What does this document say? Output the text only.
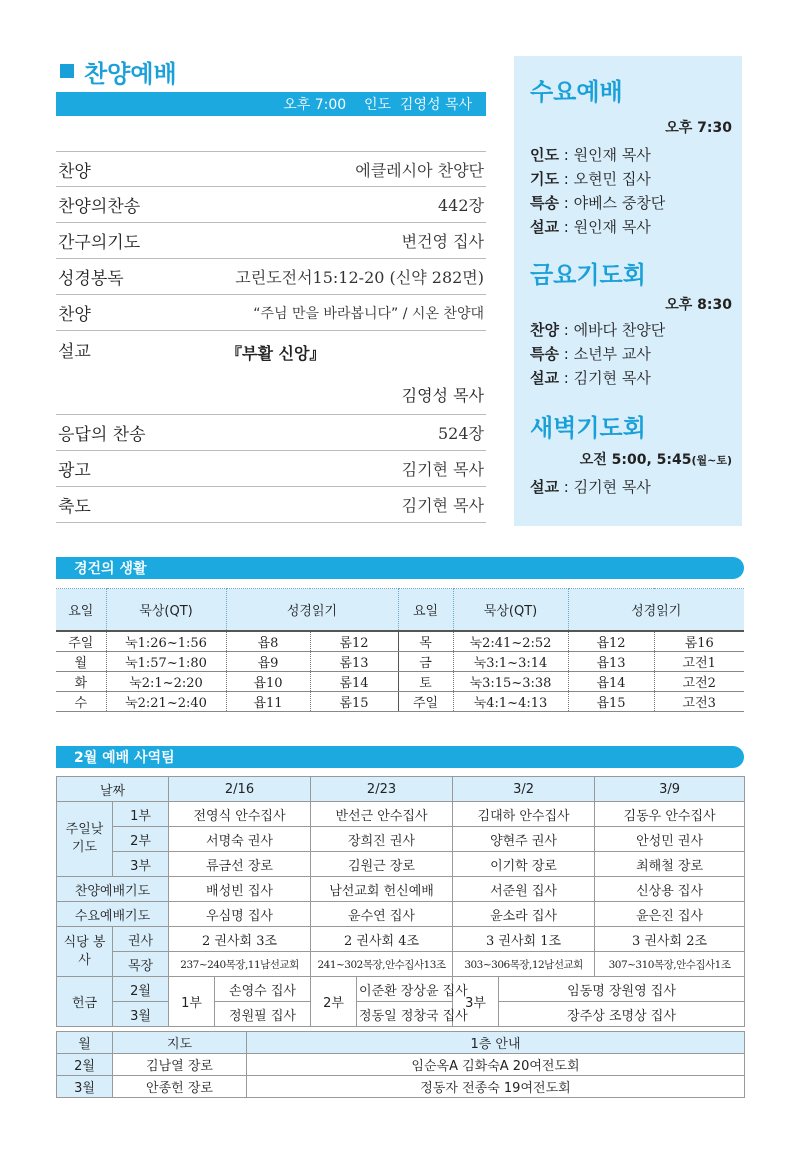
찬양예배
오후 7:00    인도  김영성 목사
찬양	에클레시아 찬양단
찬양의찬송	442장
간구의기도	변건영 집사
성경봉독	고린도전서15:12-20 (신약 282면)
찬양	“주님 만을 바라봅니다” / 시온 찬양대
설교	『부활 신앙』
김영성 목사
응답의 찬송	524장
광고	김기현 목사
축도	김기현 목사
수요예배
오후 7:30
인도 : 원인재 목사
기도 : 오현민 집사
특송 : 야베스 중창단
설교 : 원인재 목사
금요기도회
오후 8:30
찬양 : 에바다 찬양단
특송 : 소년부 교사
설교 : 김기현 목사
새벽기도회
오전 5:00, 5:45(월~토)
설교 : 김기현 목사
경건의 생활
요일	묵상(QT)	성경읽기		요일	묵상(QT)	성경읽기	
주일	눅1:26~1:56	욥8	롬12	목	눅2:41~2:52	욥12	롬16
월	눅1:57~1:80	욥9	롬13	금	눅3:1~3:14	욥13	고전1
화	눅2:1~2:20	욥10	롬14	토	눅3:15~3:38	욥14	고전2
수	눅2:21~2:40	욥11	롬15	주일	눅4:1~4:13	욥15	고전3
2월 예배 사역팀
날짜		2/16		2/23		3/2		3/9
주일낮 기도	1부	전영식 안수집사		반선근 안수집사		김대하 안수집사		김동우 안수집사
	2부	서명숙 권사		장희진 권사		양현주 권사		안성민 권사
	3부	류금선 장로		김원근 장로		이기학 장로		최해철 장로
찬양예배기도		배성빈 집사		남선교회 헌신예배		서준원 집사		신상용 집사
수요예배기도		우심명 집사		윤수연 집사		윤소라 집사		윤은진 집사
식당 봉사	권사	2 권사회 3조		2 권사회 4조		3 권사회 1조		3 권사회 2조
	목장	237~240목장,11남선교회		241~302목장,안수집사13조		303~306목장,12남선교회		307~310목장,안수집사1조
헌금	2월	1부	손영수 집사	2부	이준환 장상윤 집사	3부	임동명 장원영 집사	
	3월		정원필 집사		정동일 정창국 집사		장주상 조명상 집사	
월	지도	1층 안내
2월	김남열 장로	임순옥A 김화숙A 20여전도회
3월	안종헌 장로	정동자 전종숙 19여전도회
